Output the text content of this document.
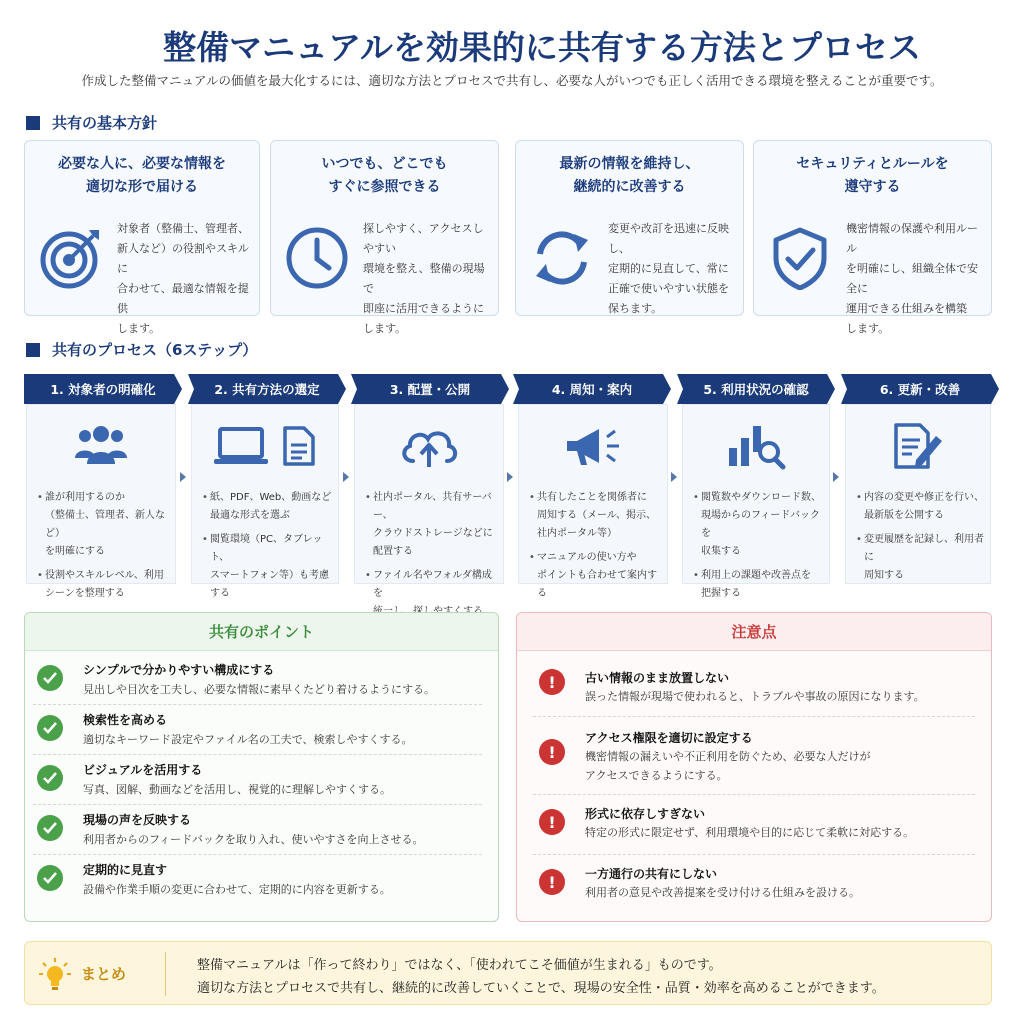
整備マニュアルを効果的に共有する方法とプロセス
作成した整備マニュアルの価値を最大化するには、適切な方法とプロセスで共有し、必要な人がいつでも正しく活用できる環境を整えることが重要です。
共有の基本方針
必要な人に、必要な情報を
適切な形で届ける
対象者（整備士、管理者、
新人など）の役割やスキルに
合わせて、最適な情報を提供
します。
いつでも、どこでも
すぐに参照できる
探しやすく、アクセスしやすい
環境を整え、整備の現場で
即座に活用できるように
します。
最新の情報を維持し、
継続的に改善する
変更や改訂を迅速に反映し、
定期的に見直して、常に
正確で使いやすい状態を
保ちます。
セキュリティとルールを
遵守する
機密情報の保護や利用ルール
を明確にし、組織全体で安全に
運用できる仕組みを構築
します。
共有のプロセス（6ステップ）
1. 対象者の明確化	2. 共有方法の選定	3. 配置・公開	4. 周知・案内	5. 利用状況の確認	6. 更新・改善
• 誰が利用するのか
（整備士、管理者、新人など）
を明確にする
• 役割やスキルレベル、利用
シーンを整理する
• 紙、PDF、Web、動画など
最適な形式を選ぶ
• 閲覧環境（PC、タブレット、
スマートフォン等）も考慮する
• 社内ポータル、共有サーバー、
クラウドストレージなどに
配置する
• ファイル名やフォルダ構成を

• 共有したことを関係者に
周知する（メール、掲示、
社内ポータル等）
• マニュアルの使い方や
ポイントも合わせて案内する
• 閲覧数やダウンロード数、
現場からのフィードバックを
収集する
• 利用上の課題や改善点を
把握する
• 内容の変更や修正を行い、
最新版を公開する
• 変更履歴を記録し、利用者に
周知する
共有のポイント
シンプルで分かりやすい構成にする
見出しや目次を工夫し、必要な情報に素早くたどり着けるようにする。
検索性を高める
適切なキーワード設定やファイル名の工夫で、検索しやすくする。
ビジュアルを活用する
写真、図解、動画などを活用し、視覚的に理解しやすくする。
現場の声を反映する
利用者からのフィードバックを取り入れ、使いやすさを向上させる。
定期的に見直す
設備や作業手順の変更に合わせて、定期的に内容を更新する。
注意点
!	古い情報のまま放置しない
誤った情報が現場で使われると、トラブルや事故の原因になります。
!
アクセス権限を適切に設定する
機密情報の漏えいや不正利用を防ぐため、必要な人だけが
アクセスできるようにする。
!	形式に依存しすぎない
特定の形式に限定せず、利用環境や目的に応じて柔軟に対応する。
!	一方通行の共有にしない
利用者の意見や改善提案を受け付ける仕組みを設ける。
まとめ	整備マニュアルは「作って終わり」ではなく、「使われてこそ価値が生まれる」ものです。
適切な方法とプロセスで共有し、継続的に改善していくことで、現場の安全性・品質・効率を高めることができます。
